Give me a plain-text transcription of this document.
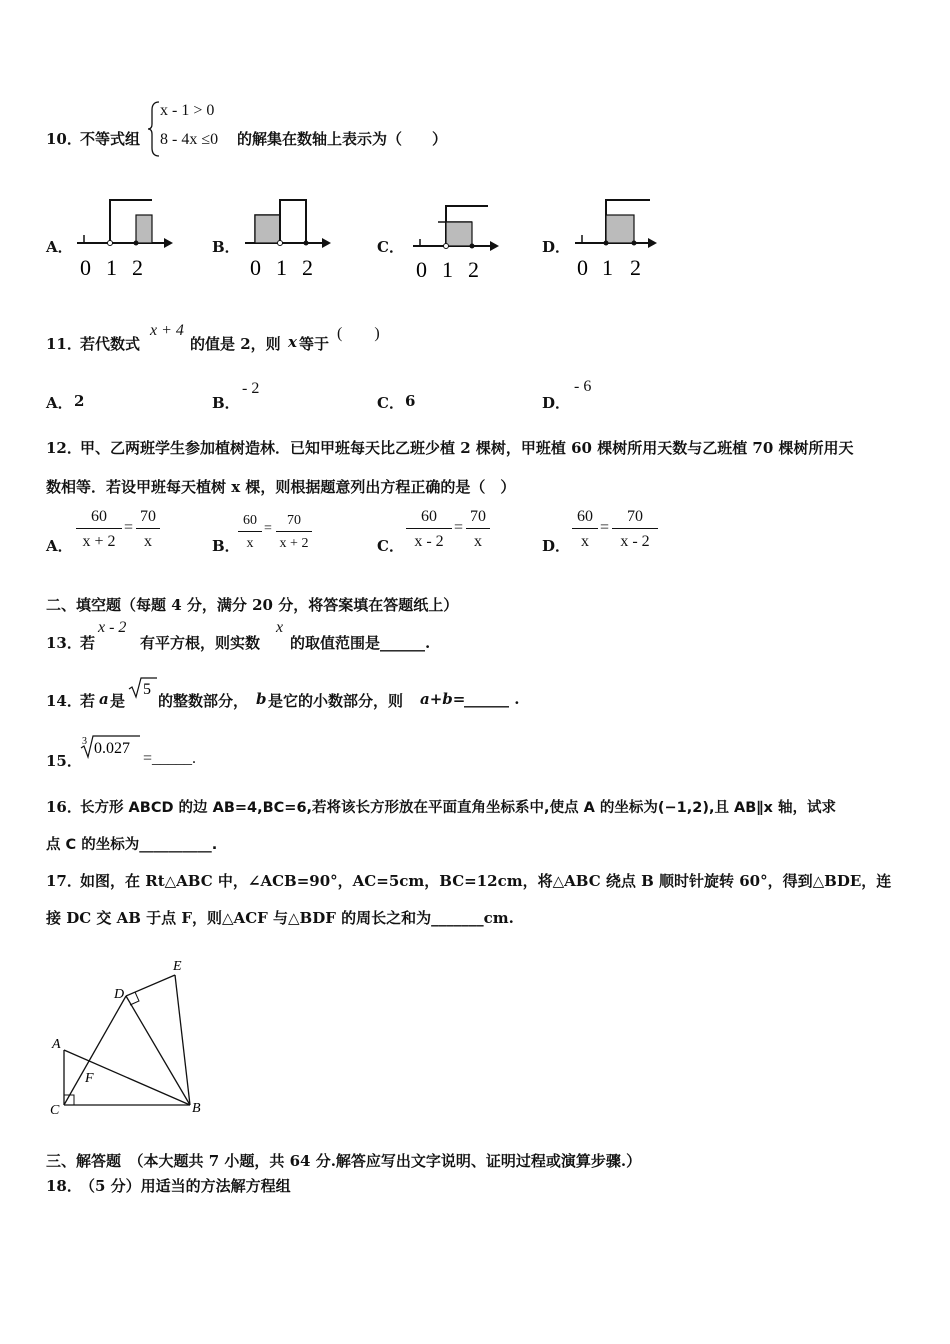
10．
不等式组
x - 1 > 0
8 - 4x ≤0 的解集在数轴上表示为（　　）
A．
0 1 2
B．
0 1 2
C．
0 1 2
D．
0 1 2
11．
若代数式
x + 4
的值是 2，则 x 等于
(　　)
A． 2	B．
- 2
C． 6	D．
- 6
12．
甲、乙两班学生参加植树造林．已知甲班每天比乙班少植 2 棵树，甲班植 60 棵树所用天数与乙班植 70 棵树所用天
数相等．若设甲班每天植树 x 棵，则根据题意列出方程正确的是（　）
A． $\frac{60}{x + 2} = \frac{70}{x}$	B．
$\frac{60}{x} = \frac{70}{x + 2}$	C． $\frac{60}{x - 2} = \frac{70}{x}$	D． $\frac{60}{x} = \frac{70}{x - 2}$
二、填空题（每题 4 分，满分 20 分，将答案填在答题纸上）
13．
若
x - 2
有平方根，则实数
x
的取值范围是______.
14．
若 a 是
5
的整数部分， b 是它的小数部分，则 a+b=
______ .
15．
3 0.027
=_____.
16．
长方形 ABCD 的边 AB=4,BC=6,若将该长方形放在平面直角坐标系中,使点 A 的坐标为(−1,2),且 AB∥x 轴，试求
点 C 的坐标为__________.
17．
如图，在 Rt△ABC 中，∠ACB=90°，AC=5cm，BC=12cm，将△ABC 绕点 B 顺时针旋转 60°，得到△BDE，连
接 DC 交 AB 于点 F，则△ACF 与△BDF 的周长之和为_______cm.
E
D
A
F
C	B
三、解答题　（本大题共 7 小题，共 64 分.解答应写出文字说明、证明过程或演算步骤.）
18．
（5 分）用适当的方法解方程组
